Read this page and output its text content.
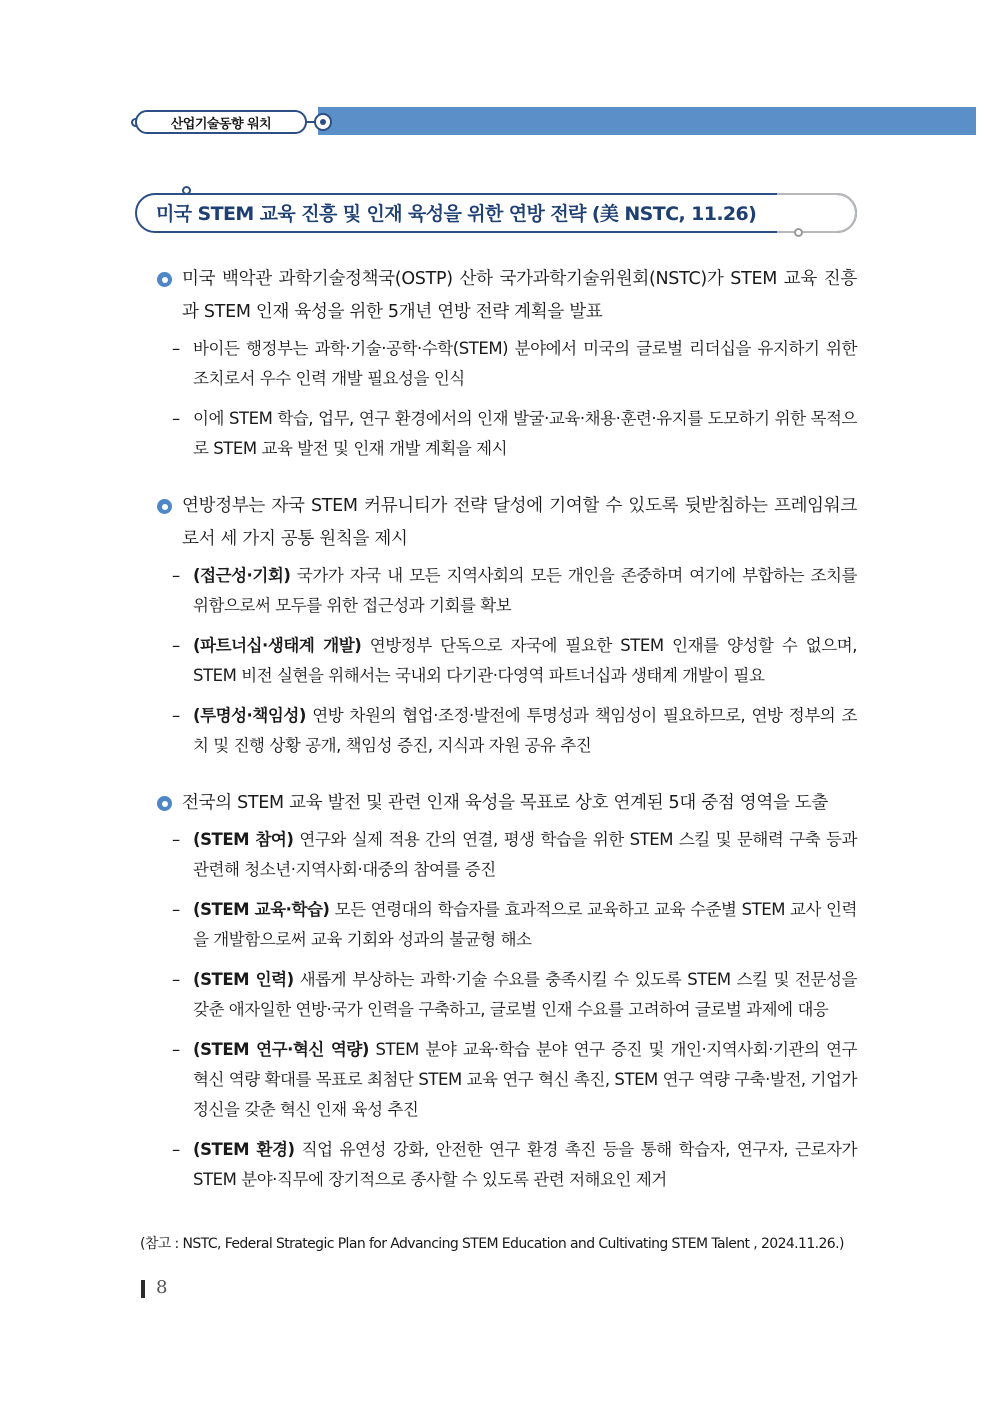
산업기술동향 워치
미국 STEM 교육 진흥 및 인재 육성을 위한 연방 전략 (美 NSTC, 11.26)
미국 백악관 과학기술정책국(OSTP) 산하 국가과학기술위원회(NSTC)가 STEM 교육 진흥과 STEM 인재 육성을 위한 5개년 연방 전략 계획을 발표
– 바이든 행정부는 과학·기술·공학·수학(STEM) 분야에서 미국의 글로벌 리더십을 유지하기 위한 조치로서 우수 인력 개발 필요성을 인식
– 이에 STEM 학습, 업무, 연구 환경에서의 인재 발굴·교육·채용·훈련·유지를 도모하기 위한 목적으로 STEM 교육 발전 및 인재 개발 계획을 제시
연방정부는 자국 STEM 커뮤니티가 전략 달성에 기여할 수 있도록 뒷받침하는 프레임워크로서 세 가지 공통 원칙을 제시
– (접근성·기회) 국가가 자국 내 모든 지역사회의 모든 개인을 존중하며 여기에 부합하는 조치를 위함으로써 모두를 위한 접근성과 기회를 확보
– (파트너십·생태계 개발) 연방정부 단독으로 자국에 필요한 STEM 인재를 양성할 수 없으며, STEM 비전 실현을 위해서는 국내외 다기관·다영역 파트너십과 생태계 개발이 필요
– (투명성·책임성) 연방 차원의 협업·조정·발전에 투명성과 책임성이 필요하므로, 연방 정부의 조치 및 진행 상황 공개, 책임성 증진, 지식과 자원 공유 추진
전국의 STEM 교육 발전 및 관련 인재 육성을 목표로 상호 연계된 5대 중점 영역을 도출
– (STEM 참여) 연구와 실제 적용 간의 연결, 평생 학습을 위한 STEM 스킬 및 문해력 구축 등과 관련해 청소년·지역사회·대중의 참여를 증진
– (STEM 교육·학습) 모든 연령대의 학습자를 효과적으로 교육하고 교육 수준별 STEM 교사 인력을 개발함으로써 교육 기회와 성과의 불균형 해소
– (STEM 인력) 새롭게 부상하는 과학·기술 수요를 충족시킬 수 있도록 STEM 스킬 및 전문성을 갖춘 애자일한 연방·국가 인력을 구축하고, 글로벌 인재 수요를 고려하여 글로벌 과제에 대응
– (STEM 연구·혁신 역량) STEM 분야 교육·학습 분야 연구 증진 및 개인·지역사회·기관의 연구 혁신 역량 확대를 목표로 최첨단 STEM 교육 연구 혁신 촉진, STEM 연구 역량 구축·발전, 기업가정신을 갖춘 혁신 인재 육성 추진
– (STEM 환경) 직업 유연성 강화, 안전한 연구 환경 촉진 등을 통해 학습자, 연구자, 근로자가 STEM 분야·직무에 장기적으로 종사할 수 있도록 관련 저해요인 제거
(참고 : NSTC, Federal Strategic Plan for Advancing STEM Education and Cultivating STEM Talent , 2024.11.26.)
8
